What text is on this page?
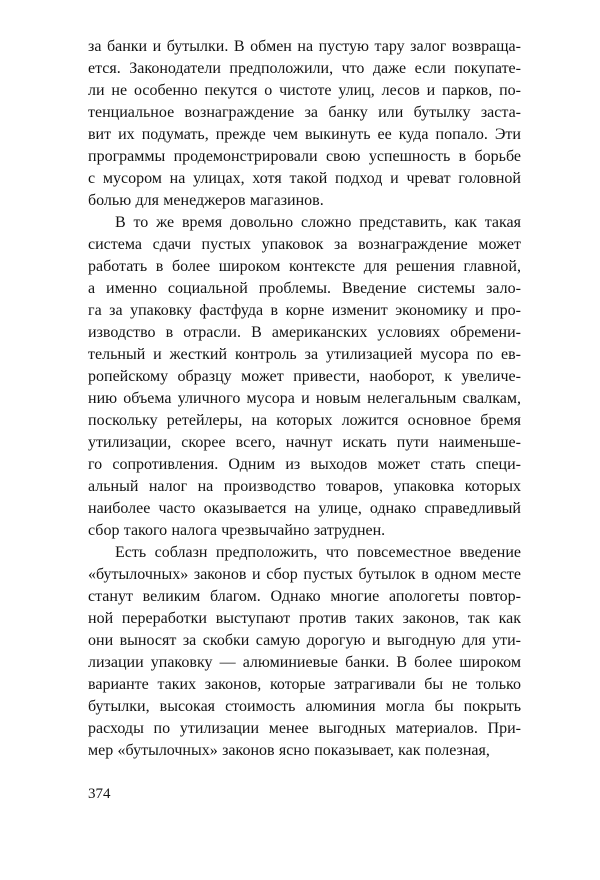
за банки и бутылки. В обмен на пустую тару залог возвраща-
ется. Законодатели предположили, что даже если покупате-
ли не особенно пекутся о чистоте улиц, лесов и парков, по-
тенциальное вознаграждение за банку или бутылку заста-
вит их подумать, прежде чем выкинуть ее куда попало. Эти
программы продемонстрировали свою успешность в борьбе
с мусором на улицах, хотя такой подход и чреват головной
болью для менеджеров магазинов.
В то же время довольно сложно представить, как такая
система сдачи пустых упаковок за вознаграждение может
работать в более широком контексте для решения главной,
а именно социальной проблемы. Введение системы зало-
га за упаковку фастфуда в корне изменит экономику и про-
изводство в отрасли. В американских условиях обремени-
тельный и жесткий контроль за утилизацией мусора по ев-
ропейскому образцу может привести, наоборот, к увеличе-
нию объема уличного мусора и новым нелегальным свалкам,
поскольку ретейлеры, на которых ложится основное бремя
утилизации, скорее всего, начнут искать пути наименьше-
го сопротивления. Одним из выходов может стать специ-
альный налог на производство товаров, упаковка которых
наиболее часто оказывается на улице, однако справедливый
сбор такого налога чрезвычайно затруднен.
Есть соблазн предположить, что повсеместное введение
«бутылочных» законов и сбор пустых бутылок в одном месте
станут великим благом. Однако многие апологеты повтор-
ной переработки выступают против таких законов, так как
они выносят за скобки самую дорогую и выгодную для ути-
лизации упаковку — алюминиевые банки. В более широком
варианте таких законов, которые затрагивали бы не только
бутылки, высокая стоимость алюминия могла бы покрыть
расходы по утилизации менее выгодных материалов. При-
мер «бутылочных» законов ясно показывает, как полезная,
374
